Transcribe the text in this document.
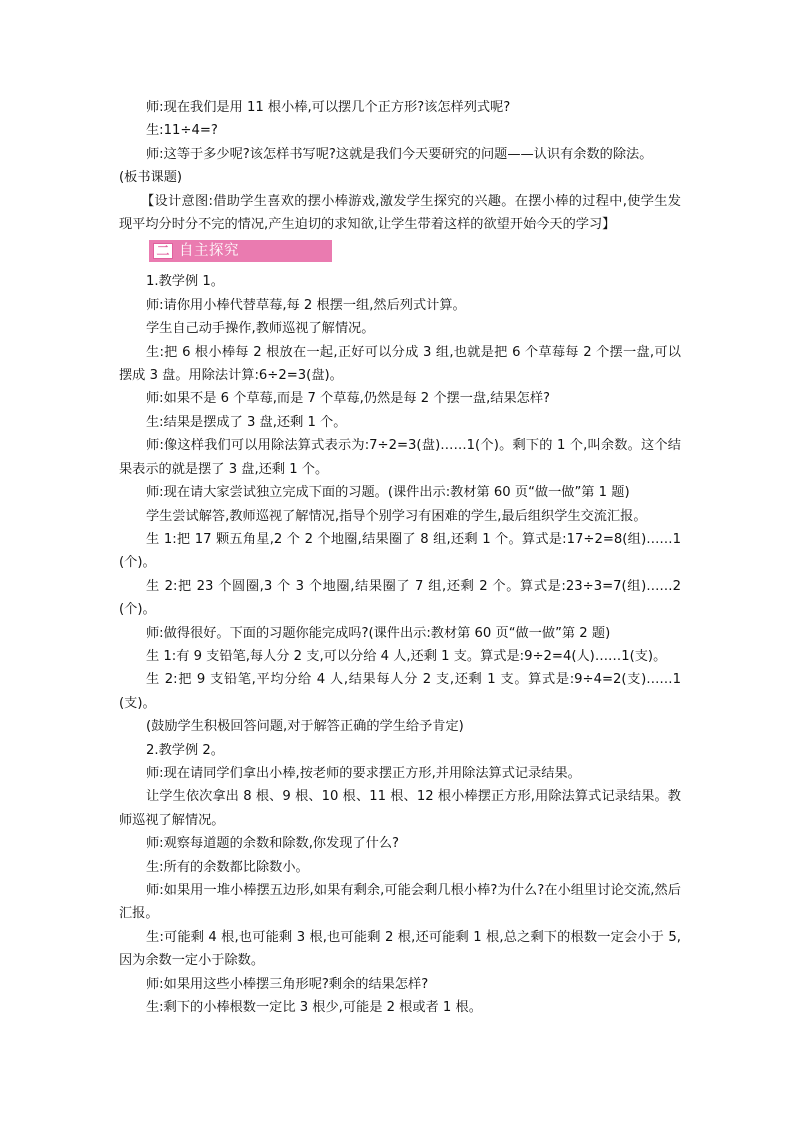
师:现在我们是用 11 根小棒,可以摆几个正方形?该怎样列式呢?

生:11÷4=?

师:这等于多少呢?该怎样书写呢?这就是我们今天要研究的问题——认识有余数的除法。

(板书课题)

【设计意图:借助学生喜欢的摆小棒游戏,激发学生探究的兴趣。在摆小棒的过程中,使学生发现平均分时分不完的情况,产生迫切的求知欲,让学生带着这样的欲望开始今天的学习】

二 自主探究

1.教学例 1。

师:请你用小棒代替草莓,每 2 根摆一组,然后列式计算。

学生自己动手操作,教师巡视了解情况。

生:把 6 根小棒每 2 根放在一起,正好可以分成 3 组,也就是把 6 个草莓每 2 个摆一盘,可以摆成 3 盘。用除法计算:6÷2=3(盘)。

师:如果不是 6 个草莓,而是 7 个草莓,仍然是每 2 个摆一盘,结果怎样?

生:结果是摆成了 3 盘,还剩 1 个。

师:像这样我们可以用除法算式表示为:7÷2=3(盘)……1(个)。剩下的 1 个,叫余数。这个结果表示的就是摆了 3 盘,还剩 1 个。

师:现在请大家尝试独立完成下面的习题。(课件出示:教材第 60 页“做一做”第 1 题)

学生尝试解答,教师巡视了解情况,指导个别学习有困难的学生,最后组织学生交流汇报。

生 1:把 17 颗五角星,2 个 2 个地圈,结果圈了 8 组,还剩 1 个。算式是:17÷2=8(组)……1(个)。

生 2:把 23 个圆圈,3 个 3 个地圈,结果圈了 7 组,还剩 2 个。算式是:23÷3=7(组)……2(个)。

师:做得很好。下面的习题你能完成吗?(课件出示:教材第 60 页“做一做”第 2 题)

生 1:有 9 支铅笔,每人分 2 支,可以分给 4 人,还剩 1 支。算式是:9÷2=4(人)……1(支)。

生 2:把 9 支铅笔,平均分给 4 人,结果每人分 2 支,还剩 1 支。算式是:9÷4=2(支)……1(支)。

(鼓励学生积极回答问题,对于解答正确的学生给予肯定)

2.教学例 2。

师:现在请同学们拿出小棒,按老师的要求摆正方形,并用除法算式记录结果。

让学生依次拿出 8 根、9 根、10 根、11 根、12 根小棒摆正方形,用除法算式记录结果。教师巡视了解情况。

师:观察每道题的余数和除数,你发现了什么?

生:所有的余数都比除数小。

师:如果用一堆小棒摆五边形,如果有剩余,可能会剩几根小棒?为什么?在小组里讨论交流,然后汇报。

生:可能剩 4 根,也可能剩 3 根,也可能剩 2 根,还可能剩 1 根,总之剩下的根数一定会小于 5,因为余数一定小于除数。

师:如果用这些小棒摆三角形呢?剩余的结果怎样?

生:剩下的小棒根数一定比 3 根少,可能是 2 根或者 1 根。
